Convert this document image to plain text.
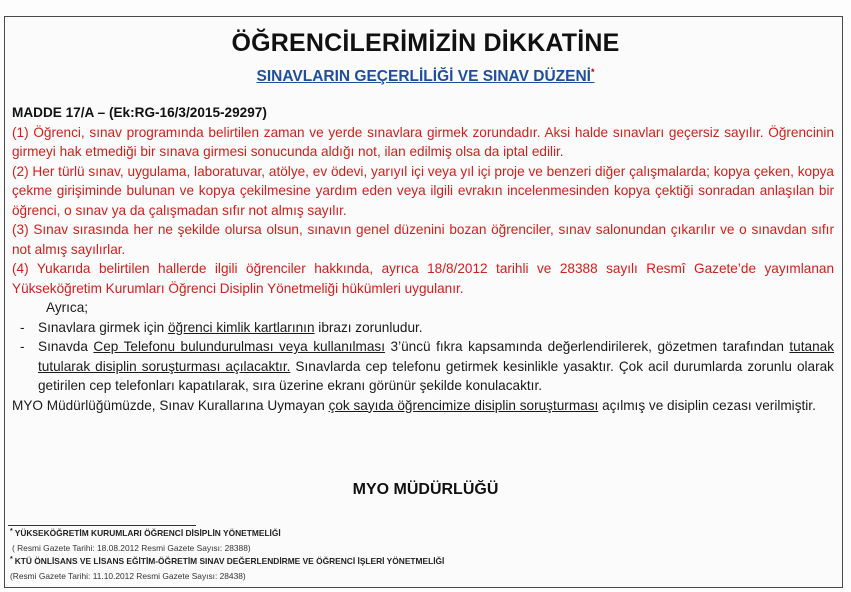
ÖĞRENCİLERİMİZİN DİKKATİNE
SINAVLARIN GEÇERLİLİĞİ VE SINAV DÜZENİ*
MADDE 17/A – (Ek:RG-16/3/2015-29297)

(1) Öğrenci, sınav programında belirtilen zaman ve yerde sınavlara girmek zorundadır. Aksi halde sınavları geçersiz sayılır. Öğrencinin girmeyi hak etmediği bir sınava girmesi sonucunda aldığı not, ilan edilmiş olsa da iptal edilir.

(2) Her türlü sınav, uygulama, laboratuvar, atölye, ev ödevi, yarıyıl içi veya yıl içi proje ve benzeri diğer çalışmalarda; kopya çeken, kopya çekme girişiminde bulunan ve kopya çekilmesine yardım eden veya ilgili evrakın incelenmesinden kopya çektiği sonradan anlaşılan bir öğrenci, o sınav ya da çalışmadan sıfır not almış sayılır.

(3) Sınav sırasında her ne şekilde olursa olsun, sınavın genel düzenini bozan öğrenciler, sınav salonundan çıkarılır ve o sınavdan sıfır not almış sayılırlar.

(4) Yukarıda belirtilen hallerde ilgili öğrenciler hakkında, ayrıca 18/8/2012 tarihli ve 28388 sayılı Resmî Gazete’de yayımlanan Yükseköğretim Kurumları Öğrenci Disiplin Yönetmeliği hükümleri uygulanır.

Ayrıca;

- Sınavlara girmek için öğrenci kimlik kartlarının ibrazı zorunludur.
- Sınavda Cep Telefonu bulundurulması veya kullanılması 3’üncü fıkra kapsamında değerlendirilerek, gözetmen tarafından tutanak tutularak disiplin soruşturması açılacaktır. Sınavlarda cep telefonu getirmek kesinlikle yasaktır. Çok acil durumlarda zorunlu olarak getirilen cep telefonları kapatılarak, sıra üzerine ekranı görünür şekilde konulacaktır.

MYO Müdürlüğümüzde, Sınav Kurallarına Uymayan çok sayıda öğrencimize disiplin soruşturması açılmış ve disiplin cezası verilmiştir.

MYO MÜDÜRLÜĞÜ
* YÜKSEKÖĞRETİM KURUMLARI ÖĞRENCİ DİSİPLİN YÖNETMELİĞİ
( Resmi Gazete Tarihi: 18.08.2012 Resmi Gazete Sayısı: 28388)
* KTÜ ÖNLİSANS VE LİSANS EĞİTİM-ÖĞRETİM SINAV DEĞERLENDİRME VE ÖĞRENCİ İŞLERİ YÖNETMELİĞİ
(Resmi Gazete Tarihi: 11.10.2012 Resmi Gazete Sayısı: 28438)
